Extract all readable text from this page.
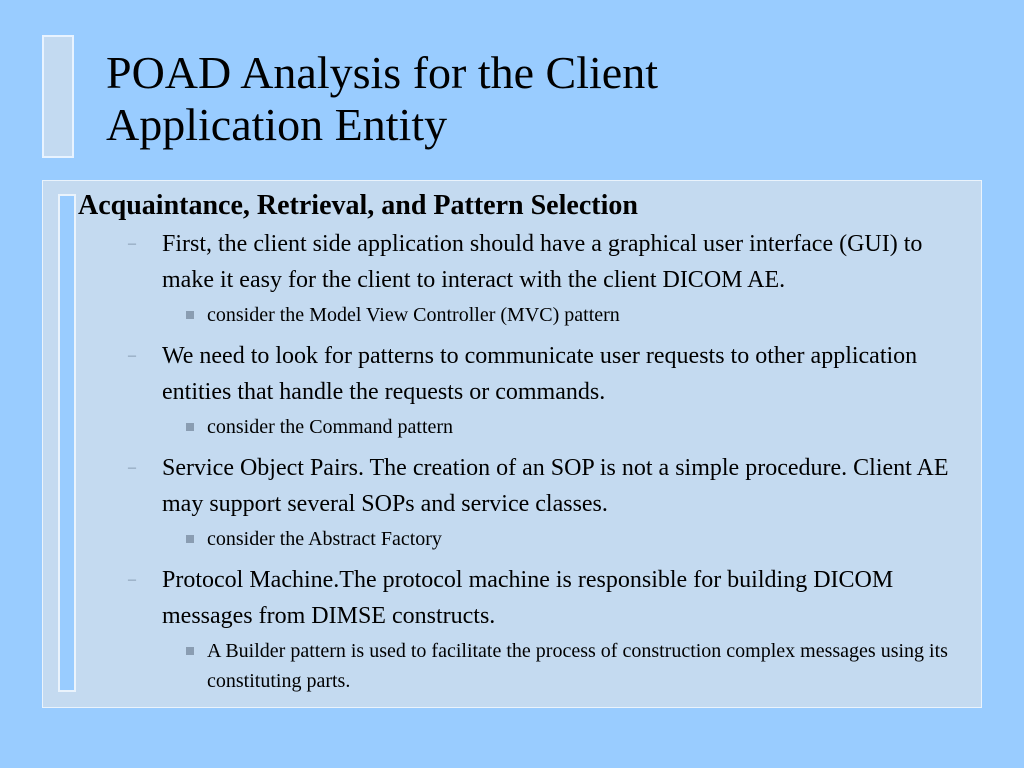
POAD Analysis for the Client Application Entity

Acquaintance, Retrieval, and Pattern Selection

– First, the client side application should have a graphical user interface (GUI) to make it easy for the client to interact with the client DICOM AE.
consider the Model View Controller (MVC) pattern
– We need to look for patterns to communicate user requests to other application entities that handle the requests or commands.
consider the Command pattern
– Service Object Pairs. The creation of an SOP is not a simple procedure. Client AE may support several SOPs and service classes.
consider the Abstract Factory
– Protocol Machine.The protocol machine is responsible for building DICOM messages from DIMSE constructs.
A Builder pattern is used to facilitate the process of construction complex messages using its constituting parts.
